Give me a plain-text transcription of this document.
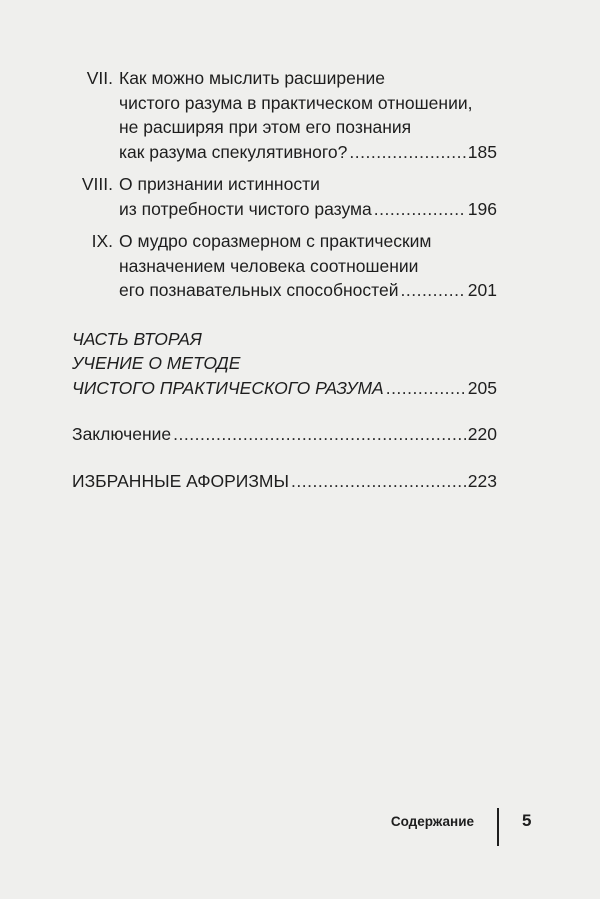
VII. Как можно мыслить расширение
чистого разума в практическом отношении,
не расширяя при этом его познания
как разума спекулятивного? .....	185
VIII. О признании истинности
из потребности чистого разума .....	196
IX. О мудро соразмерном с практическим
назначением человека соотношении
его познавательных способностей .....	201
ЧАСТЬ ВТОРАЯ
УЧЕНИЕ О МЕТОДЕ
ЧИСТОГО ПРАКТИЧЕСКОГО РАЗУМА .....	205
Заключение .....	220
ИЗБРАННЫЕ АФОРИЗМЫ .....	223
Содержание	5
